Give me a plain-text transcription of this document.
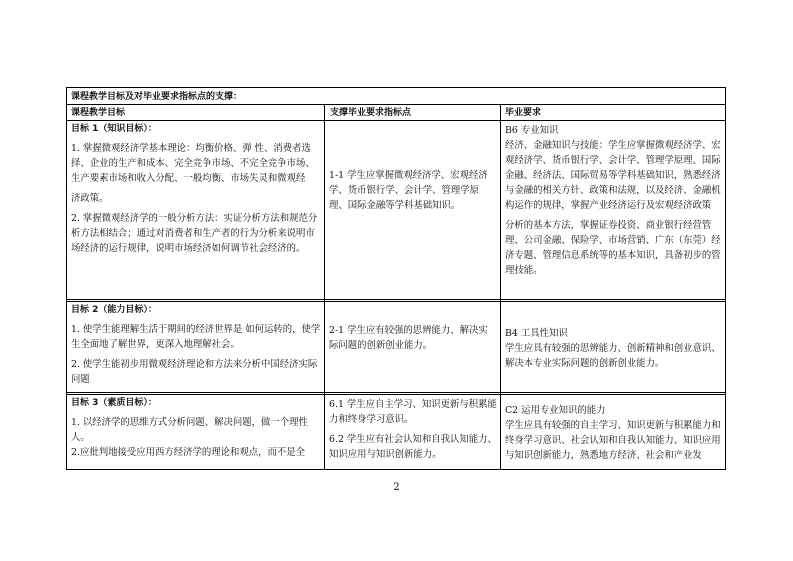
课程教学目标及对毕业要求指标点的支撑：
课程教学目标	支撑毕业要求指标点	毕业要求

目标 1（知识目标）：

1. 掌握微观经济学基本理论：均衡价格、弹 性、消费者选择、企业的生产和成本、完全竞争市场、不完全竞争市场、生产要素市场和收入分配、一般均衡、市场失灵和微观经

济政策。

2. 掌握微观经济学的一般分析方法：实证分析方法和规范分析方法相结合；通过对消费者和生产者的行为分析来说明市场经济的运行规律，说明市场经济如何调节社会经济的。

1-1 学生应掌握微观经济学、宏观经济学、货币银行学、会计学、管理学原理、国际金融等学科基础知识。

B6 专业知识

经济、金融知识与技能：学生应掌握微观经济学、宏观经济学、货币银行学、会计学、管理学原理、国际金融、经济法、国际贸易等学科基础知识，熟悉经济与金融的相关方针、政策和法规，以及经济、金融机构运作的规律，掌握产业经济运行及宏观经济政策

分析的基本方法，掌握证券投资、商业银行经营管理、公司金融、保险学、市场营销、广东（东莞）经济专题、管理信息系统等的基本知识，具备初步的管理技能。

目标 2（能力目标）：

1. 使学生能理解生活于期间的经济世界是 如何运转的，使学生全面地了解世界，更深入地理解社会。

2. 使学生能初步用微观经济理论和方法来分析中国经济实际问题

2-1 学生应有较强的思辨能力、解决实际问题的创新创业能力。

B4 工具性知识

学生应具有较强的思辨能力、创新精神和创业意识、解决本专业实际问题的创新创业能力。

目标 3（素质目标）：

1. 以经济学的思维方式分析问题、解决问题，做一个理性人。

2.应批判地接受应用西方经济学的理论和观点，而不是全

6.1 学生应自主学习、知识更新与积累能力和终身学习意识。

6.2 学生应有社会认知和自我认知能力、知识应用与知识创新能力。

C2 运用专业知识的能力

学生应具有较强的自主学习、知识更新与积累能力和终身学习意识、社会认知和自我认知能力、知识应用与知识创新能力，熟悉地方经济、社会和产业发

2
